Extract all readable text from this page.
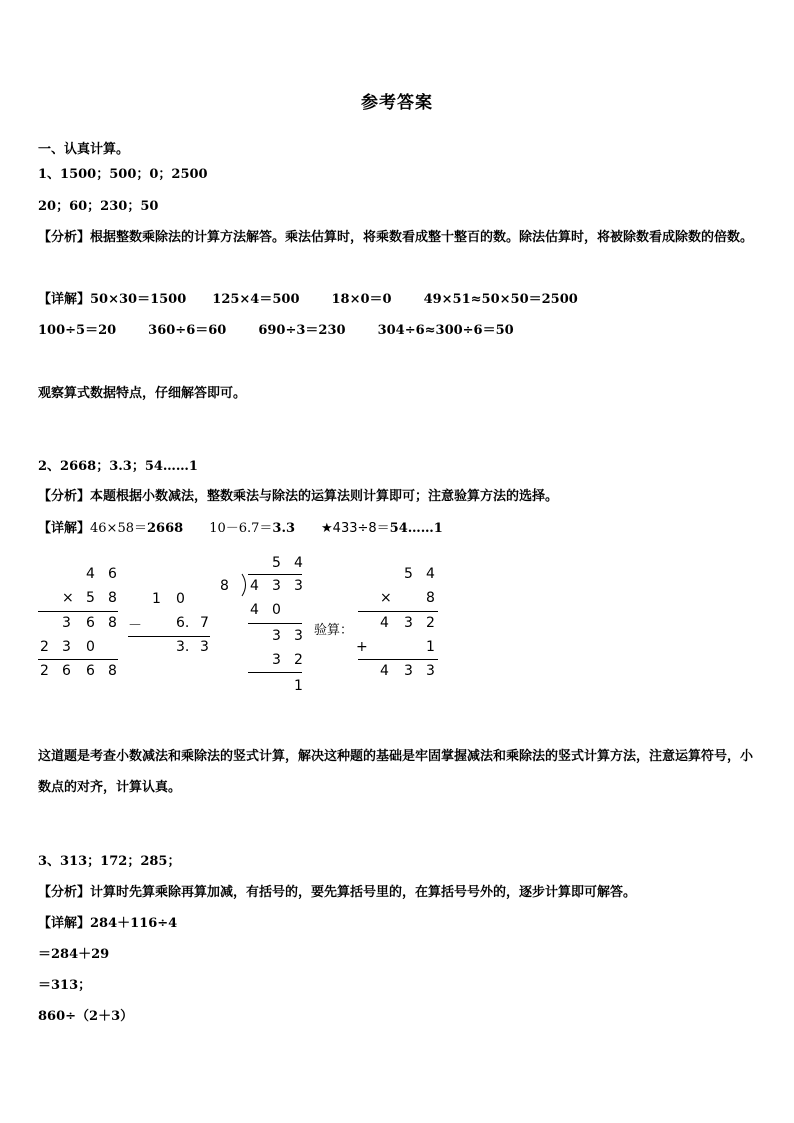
参考答案
一、认真计算。
1、1500；500；0；2500
20；60；230；50
【分析】根据整数乘除法的计算方法解答。乘法估算时，将乘数看成整十整百的数。除法估算时，将被除数看成除数的倍数。
【详解】50×30＝1500 125×4＝500 18×0＝0 49×51≈50×50＝2500
100÷5＝20 360÷6＝60 690÷3＝230 304÷6≈300÷6＝50
观察算式数据特点，仔细解答即可。
2、2668；3.3；54……1
【分析】本题根据小数减法，整数乘法与除法的运算法则计算即可；注意验算方法的选择。
【详解】46×58＝2668 10－6.7＝3.3 ★433÷8＝54……1
4 6
× 5 8
3 6 8
2 3 0
2 6 6 8
1 0
－ 6. 7
3. 3
5 4
8 4 3 3
4 0
3 3
3 2
1
验算：
5 4
× 8
4 3 2
+	1
4 3 3
这道题是考查小数减法和乘除法的竖式计算，解决这种题的基础是牢固掌握减法和乘除法的竖式计算方法，注意运算符号，小数点的对齐，计算认真。
3、313；172；285；
【分析】计算时先算乘除再算加减，有括号的，要先算括号里的，在算括号号外的，逐步计算即可解答。
【详解】284＋116÷4
＝284＋29
＝313；
860÷（2＋3）
